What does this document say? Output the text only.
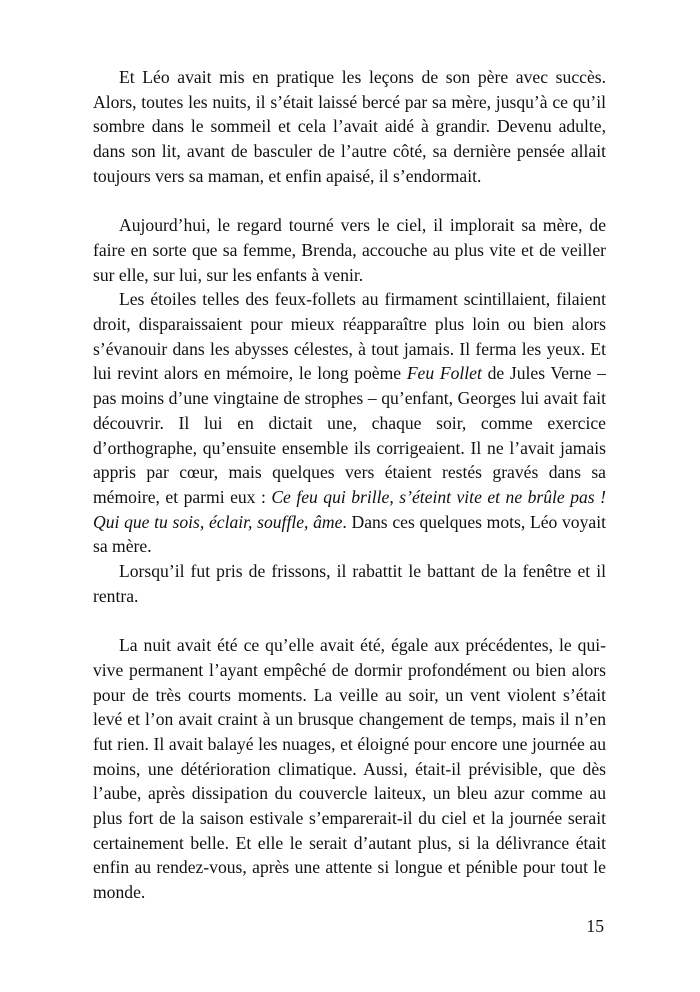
Et Léo avait mis en pratique les leçons de son père avec succès. Alors, toutes les nuits, il s’était laissé bercé par sa mère, jusqu’à ce qu’il sombre dans le sommeil et cela l’avait aidé à grandir. Devenu adulte, dans son lit, avant de basculer de l’autre côté, sa dernière pensée allait toujours vers sa maman, et enfin apaisé, il s’endormait.

Aujourd’hui, le regard tourné vers le ciel, il implorait sa mère, de faire en sorte que sa femme, Brenda, accouche au plus vite et de veiller sur elle, sur lui, sur les enfants à venir.

Les étoiles telles des feux-follets au firmament scintillaient, filaient droit, disparaissaient pour mieux réapparaître plus loin ou bien alors s’évanouir dans les abysses célestes, à tout jamais. Il ferma les yeux. Et lui revint alors en mémoire, le long poème Feu Follet de Jules Verne – pas moins d’une vingtaine de strophes – qu’enfant, Georges lui avait fait découvrir. Il lui en dictait une, chaque soir, comme exercice d’orthographe, qu’ensuite ensemble ils corrigeaient. Il ne l’avait jamais appris par cœur, mais quelques vers étaient restés gravés dans sa mémoire, et parmi eux : Ce feu qui brille, s’éteint vite et ne brûle pas ! Qui que tu sois, éclair, souffle, âme. Dans ces quelques mots, Léo voyait sa mère.

Lorsqu’il fut pris de frissons, il rabattit le battant de la fenêtre et il rentra.

La nuit avait été ce qu’elle avait été, égale aux précédentes, le qui-vive permanent l’ayant empêché de dormir profondément ou bien alors pour de très courts moments. La veille au soir, un vent violent s’était levé et l’on avait craint à un brusque changement de temps, mais il n’en fut rien. Il avait balayé les nuages, et éloigné pour encore une journée au moins, une détérioration climatique. Aussi, était-il prévisible, que dès l’aube, après dissipation du couvercle laiteux, un bleu azur comme au plus fort de la saison estivale s’emparerait-il du ciel et la journée serait certainement belle. Et elle le serait d’autant plus, si la délivrance était enfin au rendez-vous, après une attente si longue et pénible pour tout le monde.

15
